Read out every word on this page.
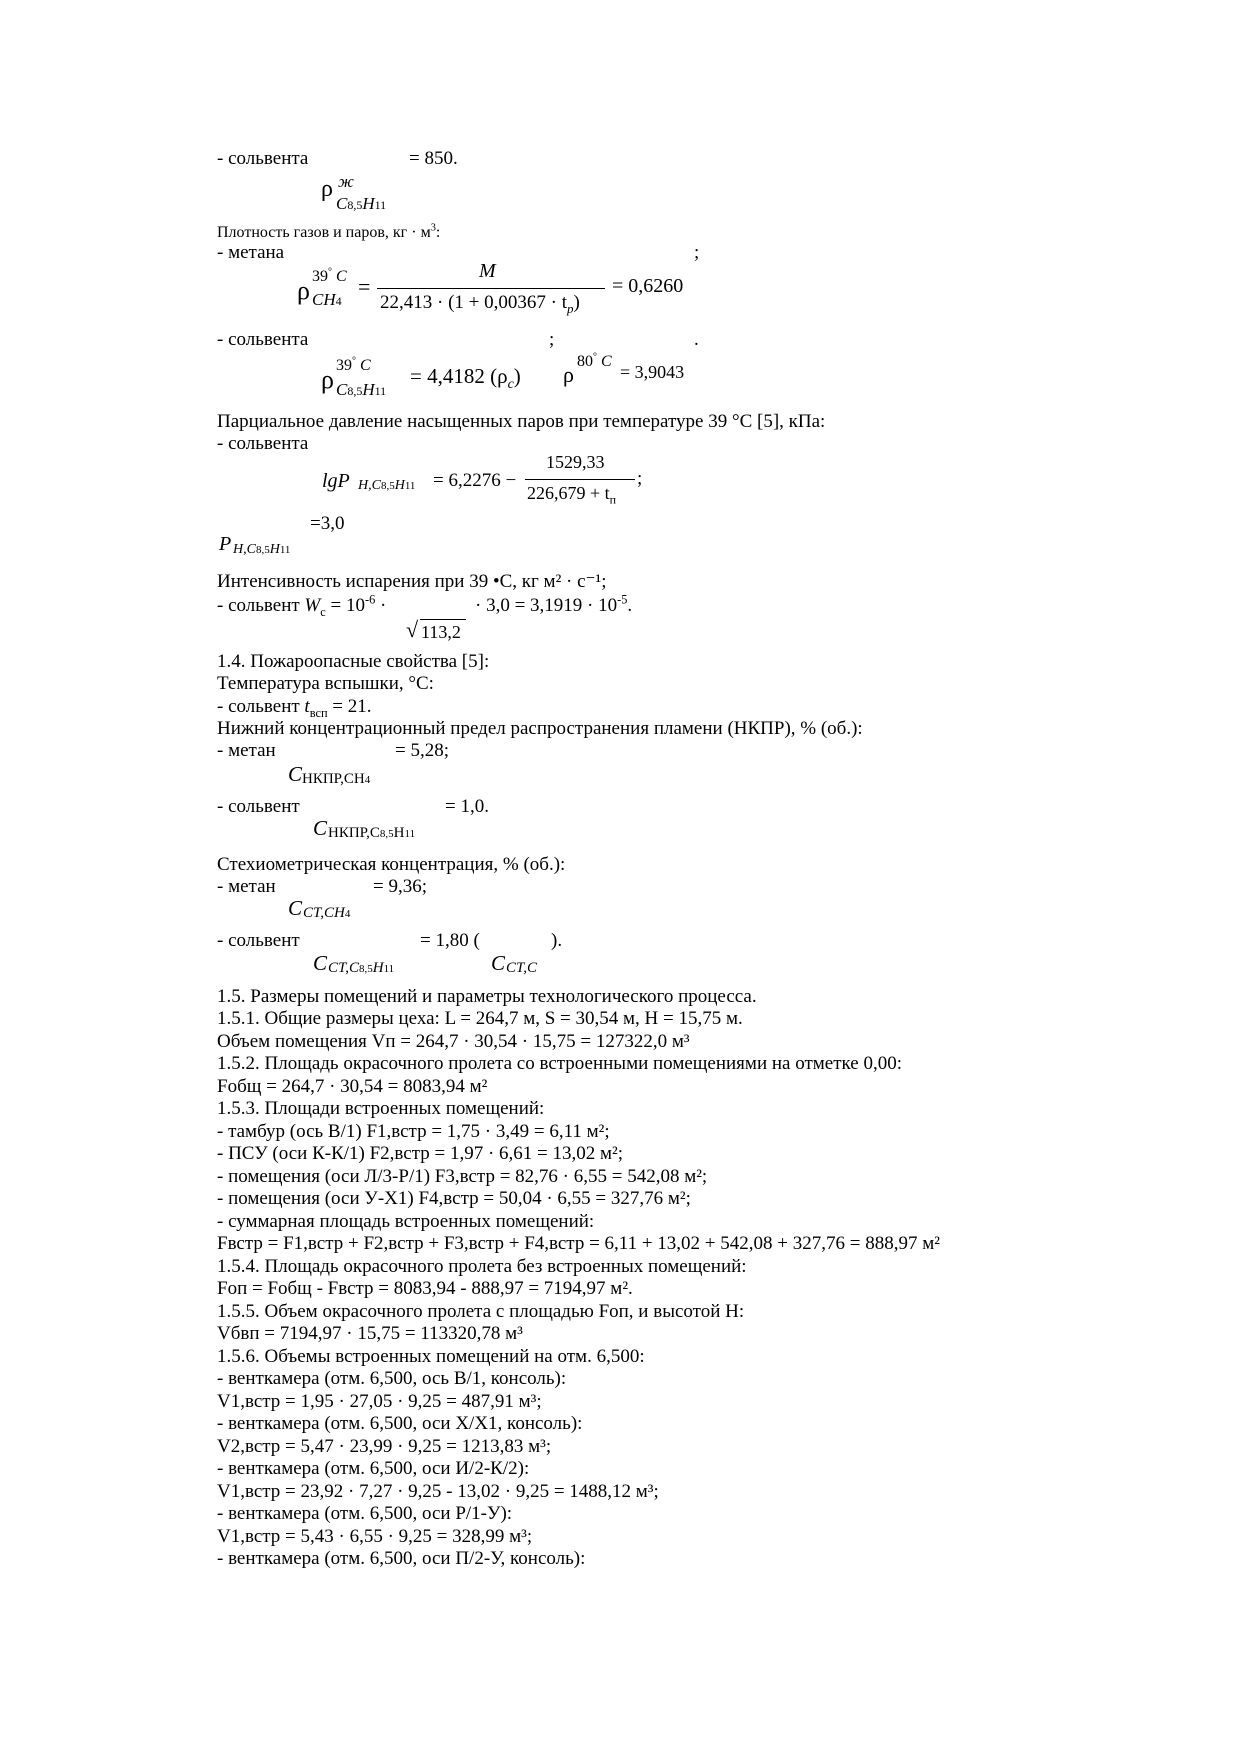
- сольвента	= 850.
ρ ж
C8,5H11
Плотность газов и паров, кг · $м^3$:
- метана	;
ρ 39° C
CH4
=
M
$22,413 \cdot (1 + 0,00367 \cdot t_p)$
= 0,6260
- сольвента	;	.
ρ 39° C
C8,5H11
= 4,4182 $(\rho_c)$ ρ
80° C
= 3,9043
Парциальное давление насыщенных паров при температуре 39 °C [5], кПа:
- сольвента
lgP H,C8,5H11 = 6,2276 −
1529,33
$226,679 + t_п$
;
=3,0
P H,C8,5H11
Интенсивность испарения при 39 •С, кг м² · с⁻¹;
- сольвент $W_с = 10^{-6}$ ·	· $3,0 = 3,1919 \cdot 10^{-5}$.
√ 113,2
1.4. Пожароопасные свойства [5]:
Температура вспышки, °С:
- сольвент $t_{всп} = 21$.
Нижний концентрационный предел распространения пламени (НКПР), % (об.):
- метан	= 5,28;
C НКПР,CH4
- сольвент	= 1,0.
C НКПР,C8,5H11
Стехиометрическая концентрация, % (об.):
- метан	= 9,36;
C CT,CH4
- сольвент	= 1,80 (	).
C CT,C8,5H11	C CT,C
1.5. Размеры помещений и параметры технологического процесса.
1.5.1. Общие размеры цеха: L = 264,7 м, S = 30,54 м, H = 15,75 м.
Объем помещения Vп = 264,7 · 30,54 · 15,75 = 127322,0 м³
1.5.2. Площадь окрасочного пролета со встроенными помещениями на отметке 0,00:
Fобщ = 264,7 · 30,54 = 8083,94 м²
1.5.3. Площади встроенных помещений:
- тамбур (ось В/1) F1,встр = 1,75 · 3,49 = 6,11 м²;
- ПСУ (оси К-К/1) F2,встр = 1,97 · 6,61 = 13,02 м²;
- помещения (оси Л/3-Р/1) F3,встр = 82,76 · 6,55 = 542,08 м²;
- помещения (оси У-Х1) F4,встр = 50,04 · 6,55 = 327,76 м²;
- суммарная площадь встроенных помещений:
Fвстр = F1,встр + F2,встр + F3,встр + F4,встр = 6,11 + 13,02 + 542,08 + 327,76 = 888,97 м²
1.5.4. Площадь окрасочного пролета без встроенных помещений:
Fоп = Fобщ - Fвстр = 8083,94 - 888,97 = 7194,97 м².
1.5.5. Объем окрасочного пролета с площадью Fоп, и высотой H:
Vбвп = 7194,97 · 15,75 = 113320,78 м³
1.5.6. Объемы встроенных помещений на отм. 6,500:
- венткамера (отм. 6,500, ось В/1, консоль):
V1,встр = 1,95 · 27,05 · 9,25 = 487,91 м³;
- венткамера (отм. 6,500, оси Х/Х1, консоль):
V2,встр = 5,47 · 23,99 · 9,25 = 1213,83 м³;
- венткамера (отм. 6,500, оси И/2-К/2):
V1,встр = 23,92 · 7,27 · 9,25 - 13,02 · 9,25 = 1488,12 м³;
- венткамера (отм. 6,500, оси Р/1-У):
V1,встр = 5,43 · 6,55 · 9,25 = 328,99 м³;
- венткамера (отм. 6,500, оси П/2-У, консоль):
